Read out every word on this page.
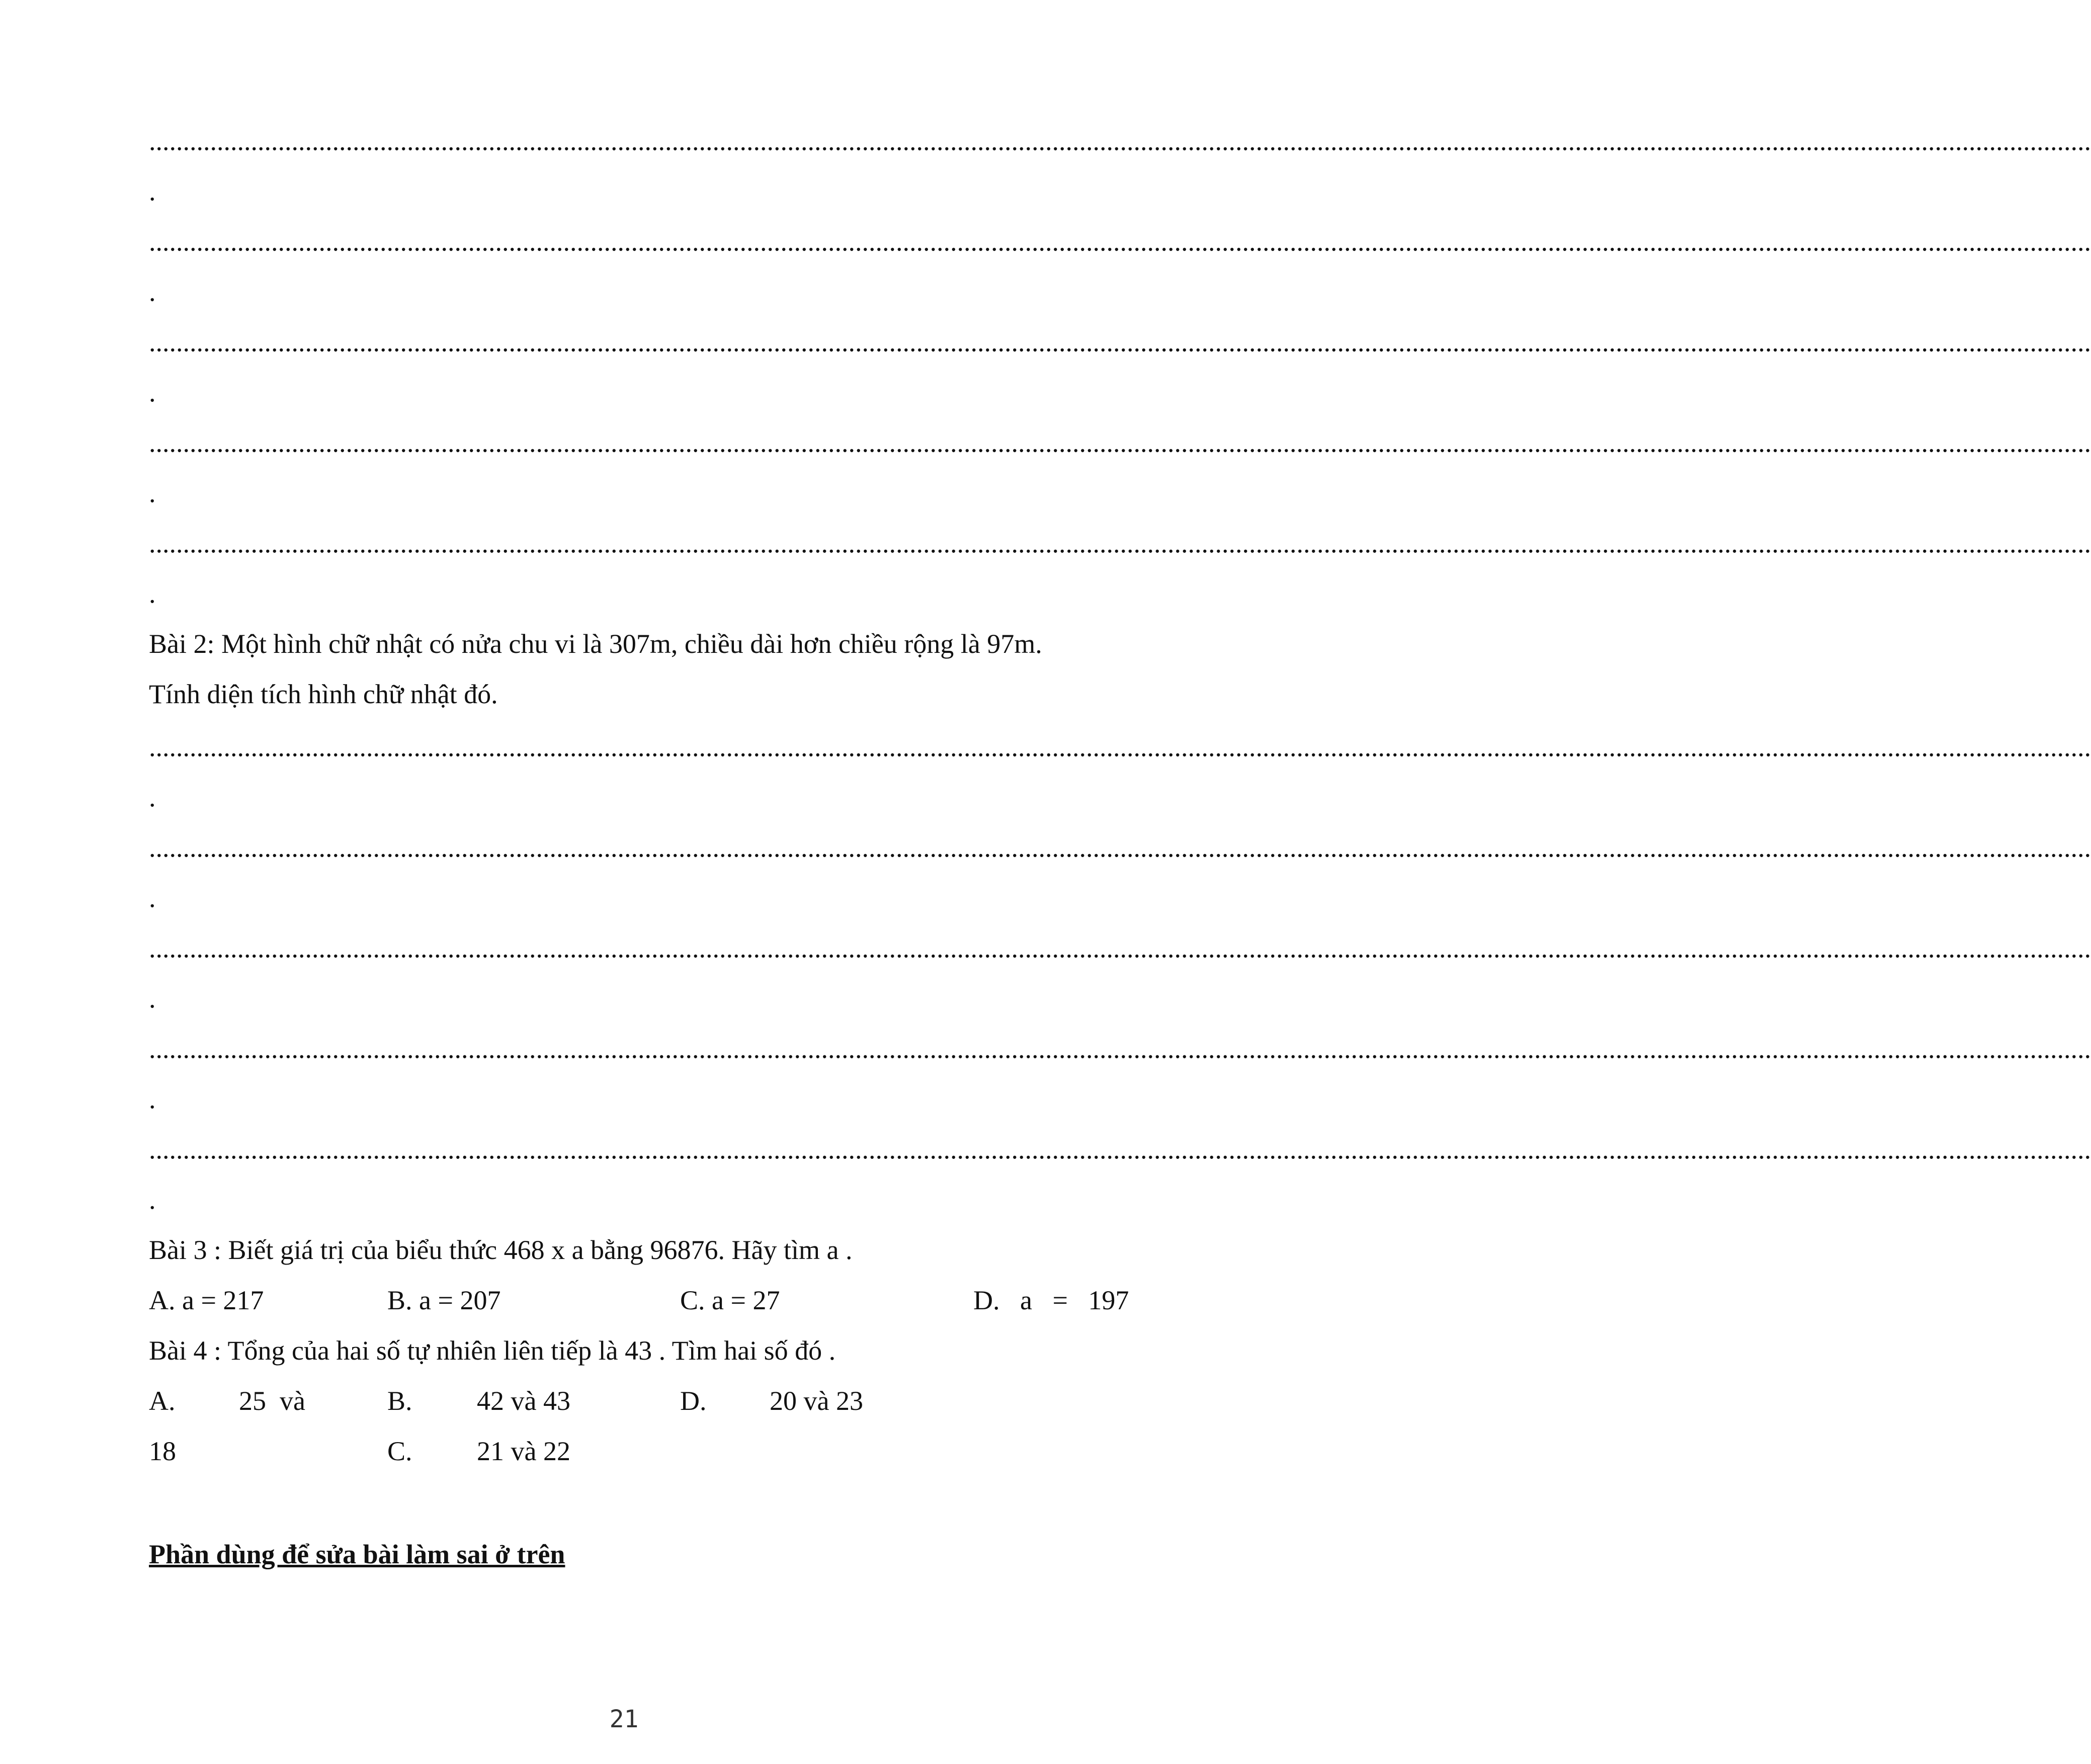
..............................................................................................................................................................................................................................................................................................
.
..............................................................................................................................................................................................................................................................................................
.
..............................................................................................................................................................................................................................................................................................
.
..............................................................................................................................................................................................................................................................................................
.
..............................................................................................................................................................................................................................................................................................
.
Bài 2: Một hình chữ nhật có nửa chu vi là 307m, chiều dài hơn chiều rộng là 97m.
Tính diện tích hình chữ nhật đó.
..............................................................................................................................................................................................................................................................................................
.
..............................................................................................................................................................................................................................................................................................
.
..............................................................................................................................................................................................................................................................................................
.
..............................................................................................................................................................................................................................................................................................
.
..............................................................................................................................................................................................................................................................................................
.
Bài 3 : Biết giá trị của biểu thức 468 x a bằng 96876. Hãy tìm a .
A. a = 217	B. a = 207	C. a = 27	D.   a   =   197
Bài 4 : Tổng của hai số tự nhiên liên tiếp là 43 . Tìm hai số đó .
A. 25  và	B. 42 và 43	D. 20 và 23
18	C. 21 và 22
Phần dùng để sửa bài làm sai ở trên
21
